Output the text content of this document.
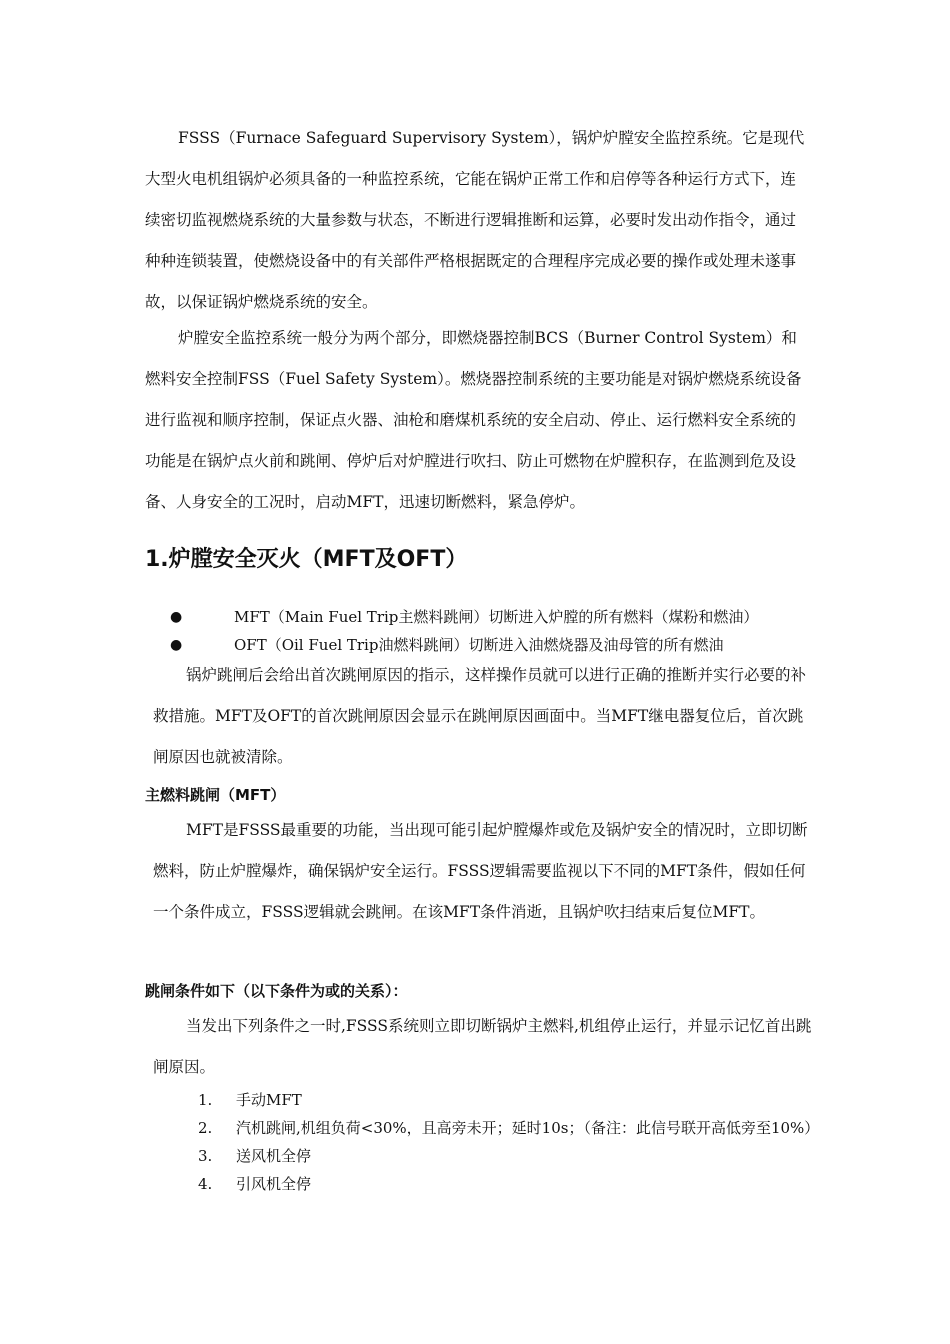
FSSS（Furnace Safeguard Supervisory System），锅炉炉膛安全监控系统。它是现代大型火电机组锅炉必须具备的一种监控系统，它能在锅炉正常工作和启停等各种运行方式下，连续密切监视燃烧系统的大量参数与状态，不断进行逻辑推断和运算，必要时发出动作指令，通过种种连锁装置，使燃烧设备中的有关部件严格根据既定的合理程序完成必要的操作或处理未遂事故，以保证锅炉燃烧系统的安全。

炉膛安全监控系统一般分为两个部分，即燃烧器控制BCS（Burner Control System）和燃料安全控制FSS（Fuel Safety System）。燃烧器控制系统的主要功能是对锅炉燃烧系统设备进行监视和顺序控制，保证点火器、油枪和磨煤机系统的安全启动、停止、运行燃料安全系统的功能是在锅炉点火前和跳闸、停炉后对炉膛进行吹扫、防止可燃物在炉膛积存，在监测到危及设备、人身安全的工况时，启动MFT，迅速切断燃料，紧急停炉。

1.炉膛安全灭火（MFT及OFT）
●	MFT（Main Fuel Trip主燃料跳闸）切断进入炉膛的所有燃料（煤粉和燃油）
●	OFT（Oil Fuel Trip油燃料跳闸）切断进入油燃烧器及油母管的所有燃油

锅炉跳闸后会给出首次跳闸原因的指示，这样操作员就可以进行正确的推断并实行必要的补救措施。MFT及OFT的首次跳闸原因会显示在跳闸原因画面中。当MFT继电器复位后，首次跳闸原因也就被清除。

主燃料跳闸（MFT）

MFT是FSSS最重要的功能，当出现可能引起炉膛爆炸或危及锅炉安全的情况时，立即切断燃料，防止炉膛爆炸，确保锅炉安全运行。FSSS逻辑需要监视以下不同的MFT条件，假如任何一个条件成立，FSSS逻辑就会跳闸。在该MFT条件消逝，且锅炉吹扫结束后复位MFT。

跳闸条件如下（以下条件为或的关系）：

当发出下列条件之一时,FSSS系统则立即切断锅炉主燃料,机组停止运行，并显示记忆首出跳闸原因。

1.	手动MFT
2.	汽机跳闸,机组负荷<30%，且高旁未开；延时10s；（备注：此信号联开高低旁至10%）
3.	送风机全停
4.	引风机全停
